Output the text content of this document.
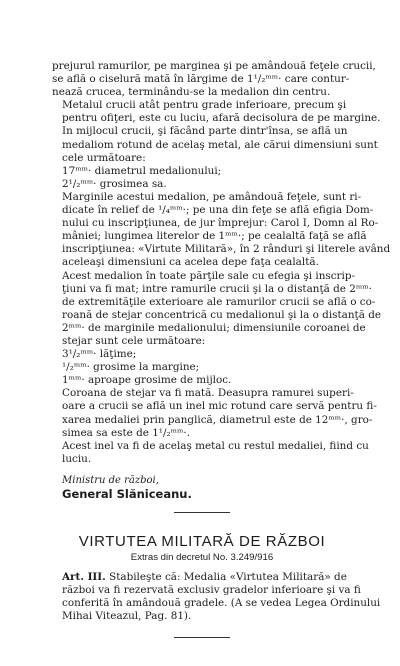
prejurul ramurilor, pe marginea şi pe amândouă feţele crucii,
se află o ciselură mată în lărgime de 1¹/₂ᵐᵐ· care contur-
nează crucea, terminându-se la medalion din centru.

Metalul crucii atât pentru grade inferioare, precum şi
pentru ofiţeri, este cu luciu, afară decisolura de pe margine.

In mijlocul crucii, şi făcând parte dintr'însa, se află un
medaliom rotund de acelaş metal, ale cărui dimensiuni sunt
cele următoare:

17ᵐᵐ· diametrul medalionului;
2¹/₂ᵐᵐ· grosimea sa.

Marginile acestui medalion, pe amândouă feţele, sunt ri-
dicate în relief de ¹/₄ᵐᵐ·; pe una din feţe se află efigia Dom-
nului cu inscripţiunea, de jur împrejur: Carol I, Domn al Ro-
mâniei; lungimea literelor de 1ᵐᵐ·; pe cealaltă faţă se află
inscripţiunea: «Virtute Militară», în 2 rânduri şi literele având
aceleaşi dimensiuni ca acelea depe faţa cealaltă.

Acest medalion în toate părţile sale cu efegia şi inscrip-
ţiuni va fi mat; intre ramurile crucii şi la o distanţă de 2ᵐᵐ·
de extremităţile exterioare ale ramurilor crucii se află o co-
roană de stejar concentrică cu medalionul şi la o distanţă de
2ᵐᵐ· de marginile medalionului; dimensiunile coroanei de
stejar sunt cele următoare:

3¹/₂ᵐᵐ· lăţime;
¹/₂ᵐᵐ· grosime la margine;
1ᵐᵐ· aproape grosime de mijloc.

Coroana de stejar va fi mată. Deasupra ramurei superi-
oare a crucii se află un inel mic rotund care servă pentru fi-
xarea medaliei prin panglică, diametrul este de 12ᵐᵐ·, gro-
simea sa este de 1¹/₂ᵐᵐ·.

Acest inel va fi de acelaş metal cu restul medaliei, fiind cu
luciu.

Ministru de război,
General Slăniceanu.
VIRTUTEA MILITARĂ DE RĂZBOI
Extras din decretul No. 3.249/916

Art. III. Stabileşte că: Medalia «Virtutea Militară» de
război va fi rezervată exclusiv gradelor inferioare şi va fi
conferită în amândouă gradele. (A se vedea Legea Ordinului
Mihai Viteazul, Pag. 81).
